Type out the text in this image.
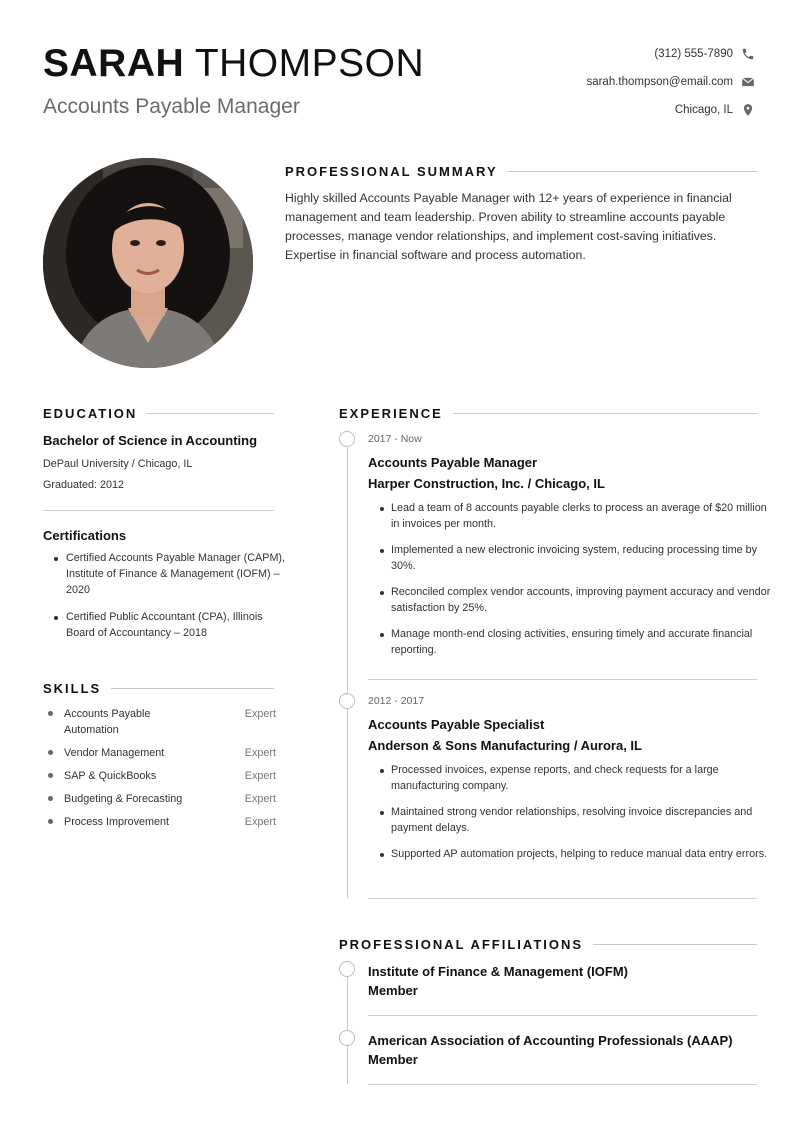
SARAH THOMPSON
Accounts Payable Manager
(312) 555-7890
sarah.thompson@email.com
Chicago, IL
PROFESSIONAL SUMMARY
Highly skilled Accounts Payable Manager with 12+ years of experience in financial management and team leadership. Proven ability to streamline accounts payable processes, manage vendor relationships, and implement cost-saving initiatives. Expertise in financial software and process automation.
EDUCATION
Bachelor of Science in Accounting
DePaul University / Chicago, IL
Graduated: 2012
Certifications
Certified Accounts Payable Manager (CAPM), Institute of Finance & Management (IOFM) – 2020
Certified Public Accountant (CPA), Illinois Board of Accountancy – 2018
SKILLS
Accounts Payable Automation
Expert
Vendor Management	Expert
SAP & QuickBooks	Expert
Budgeting & Forecasting	Expert
Process Improvement	Expert
EXPERIENCE
2017 - Now
Accounts Payable Manager
Harper Construction, Inc. / Chicago, IL
Lead a team of 8 accounts payable clerks to process an average of $20 million in invoices per month.
Implemented a new electronic invoicing system, reducing processing time by 30%.
Reconciled complex vendor accounts, improving payment accuracy and vendor satisfaction by 25%.
Manage month-end closing activities, ensuring timely and accurate financial reporting.
2012 - 2017
Accounts Payable Specialist
Anderson & Sons Manufacturing / Aurora, IL
Processed invoices, expense reports, and check requests for a large manufacturing company.
Maintained strong vendor relationships, resolving invoice discrepancies and payment delays.
Supported AP automation projects, helping to reduce manual data entry errors.
PROFESSIONAL AFFILIATIONS
Institute of Finance & Management (IOFM)
Member
American Association of Accounting Professionals (AAAP)
Member
